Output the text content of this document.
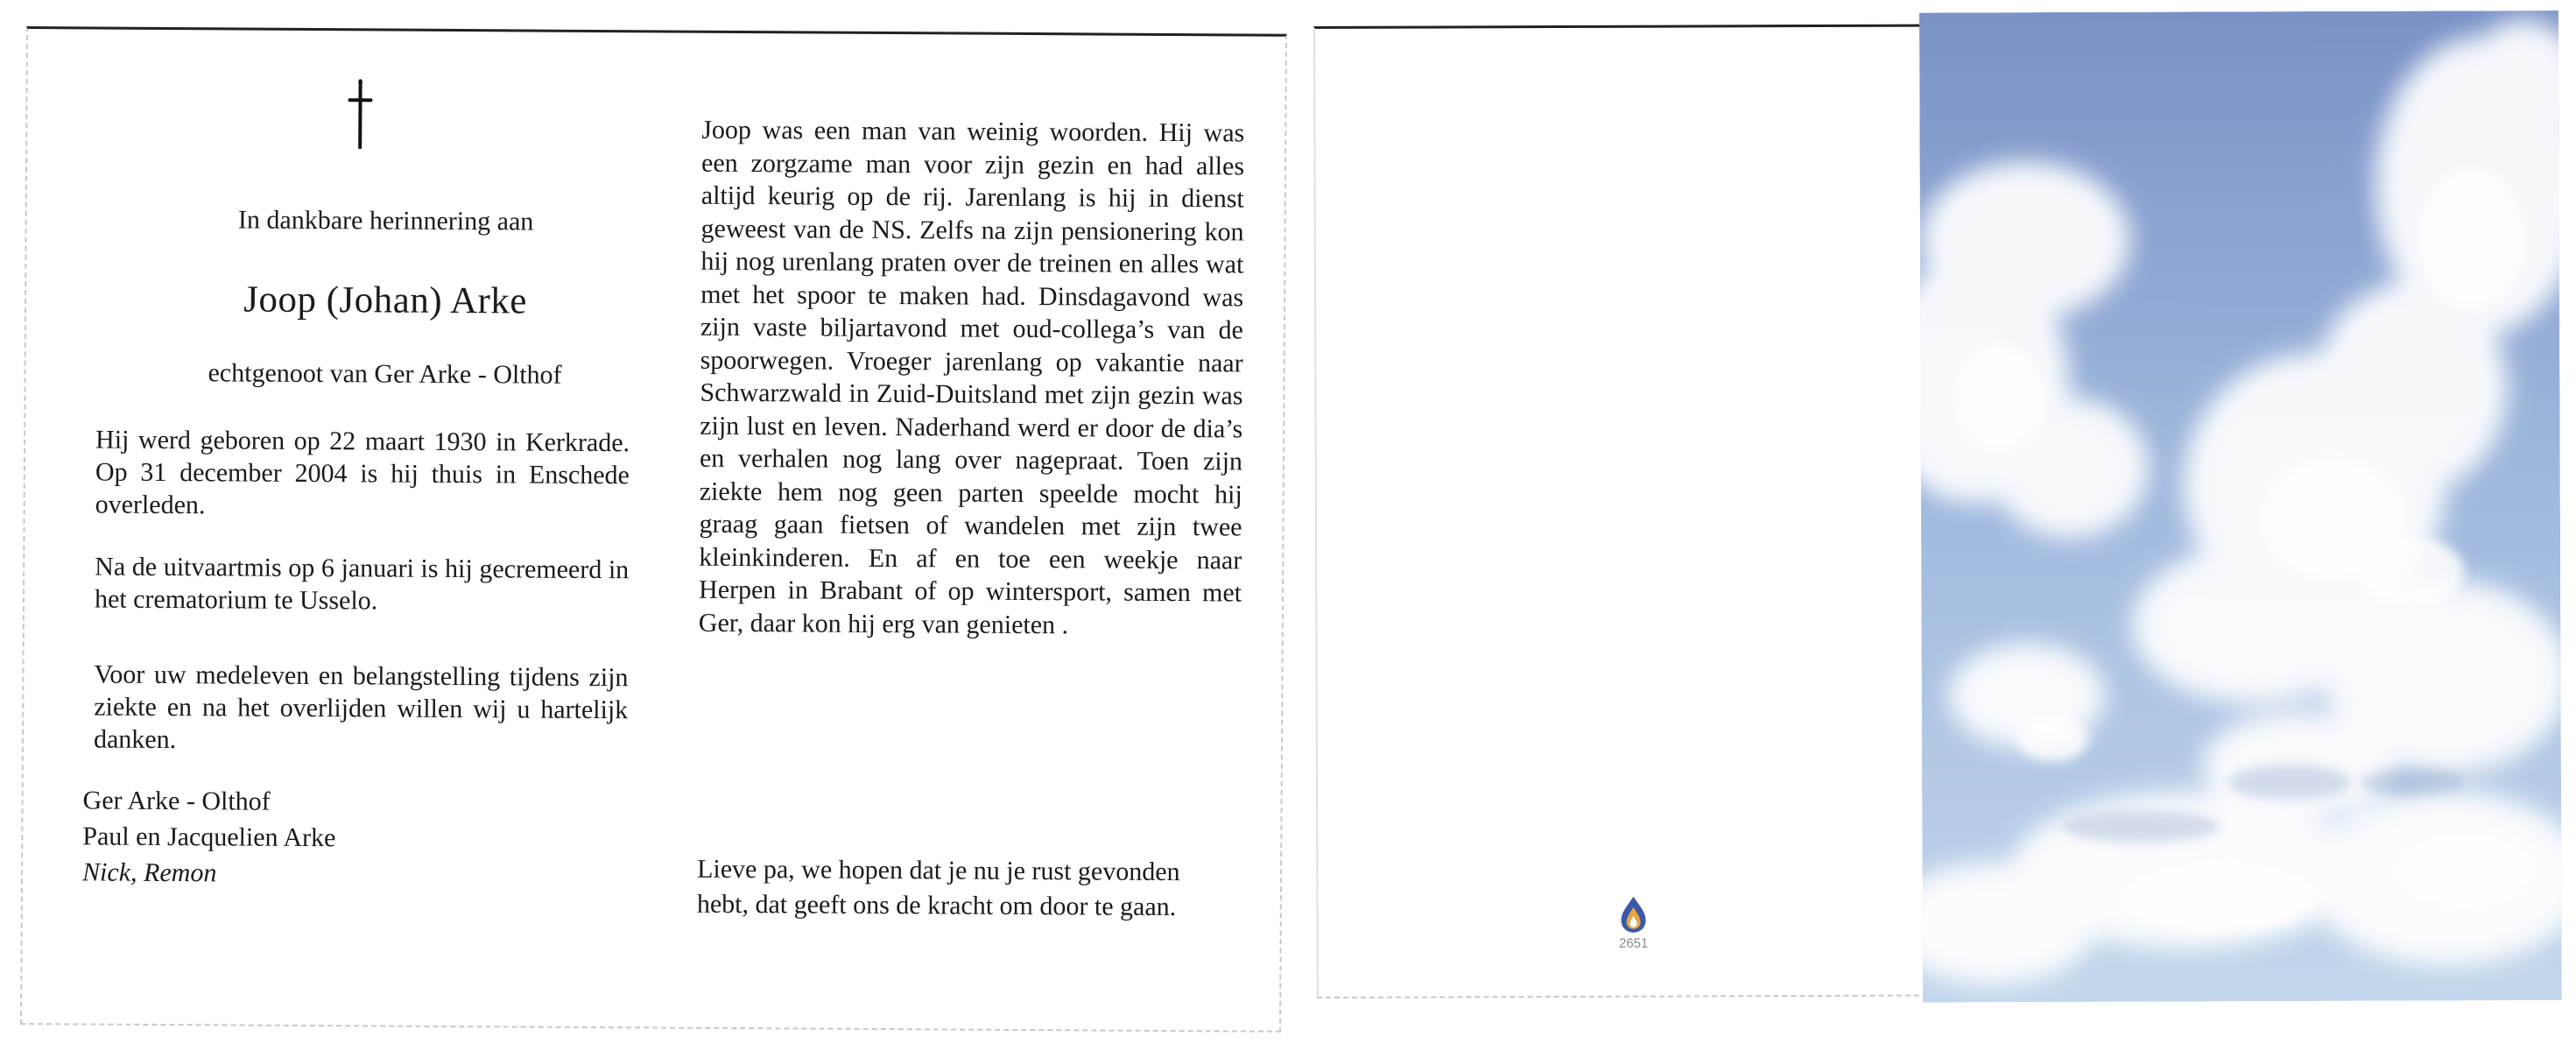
In dankbare herinnering aan

Joop (Johan) Arke

echtgenoot van Ger Arke - Olthof

Hij werd geboren op 22 maart 1930 in Kerkrade. Op 31 december 2004 is hij thuis in Enschede overleden.

Na de uitvaartmis op 6 januari is hij gecremeerd in het crematorium te Usselo.

Voor uw medeleven en belangstelling tijdens zijn ziekte en na het overlijden willen wij u hartelijk danken.

Ger Arke - Olthof
Paul en Jacquelien Arke
Nick, Remon

Joop was een man van weinig woorden. Hij was een zorgzame man voor zijn gezin en had alles altijd keurig op de rij. Jarenlang is hij in dienst geweest van de NS. Zelfs na zijn pensionering kon hij nog urenlang praten over de treinen en alles wat met het spoor te maken had. Dinsdagavond was zijn vaste biljartavond met oud-collega’s van de spoorwegen. Vroeger jarenlang op vakantie naar Schwarzwald in Zuid-Duitsland met zijn gezin was zijn lust en leven. Naderhand werd er door de dia’s en verhalen nog lang over nagepraat. Toen zijn ziekte hem nog geen parten speelde mocht hij graag gaan fietsen of wandelen met zijn twee kleinkinderen. En af en toe een weekje naar Herpen in Brabant of op wintersport, samen met Ger, daar kon hij erg van genieten .

Lieve pa, we hopen dat je nu je rust gevonden hebt, dat geeft ons de kracht om door te gaan.

2651
